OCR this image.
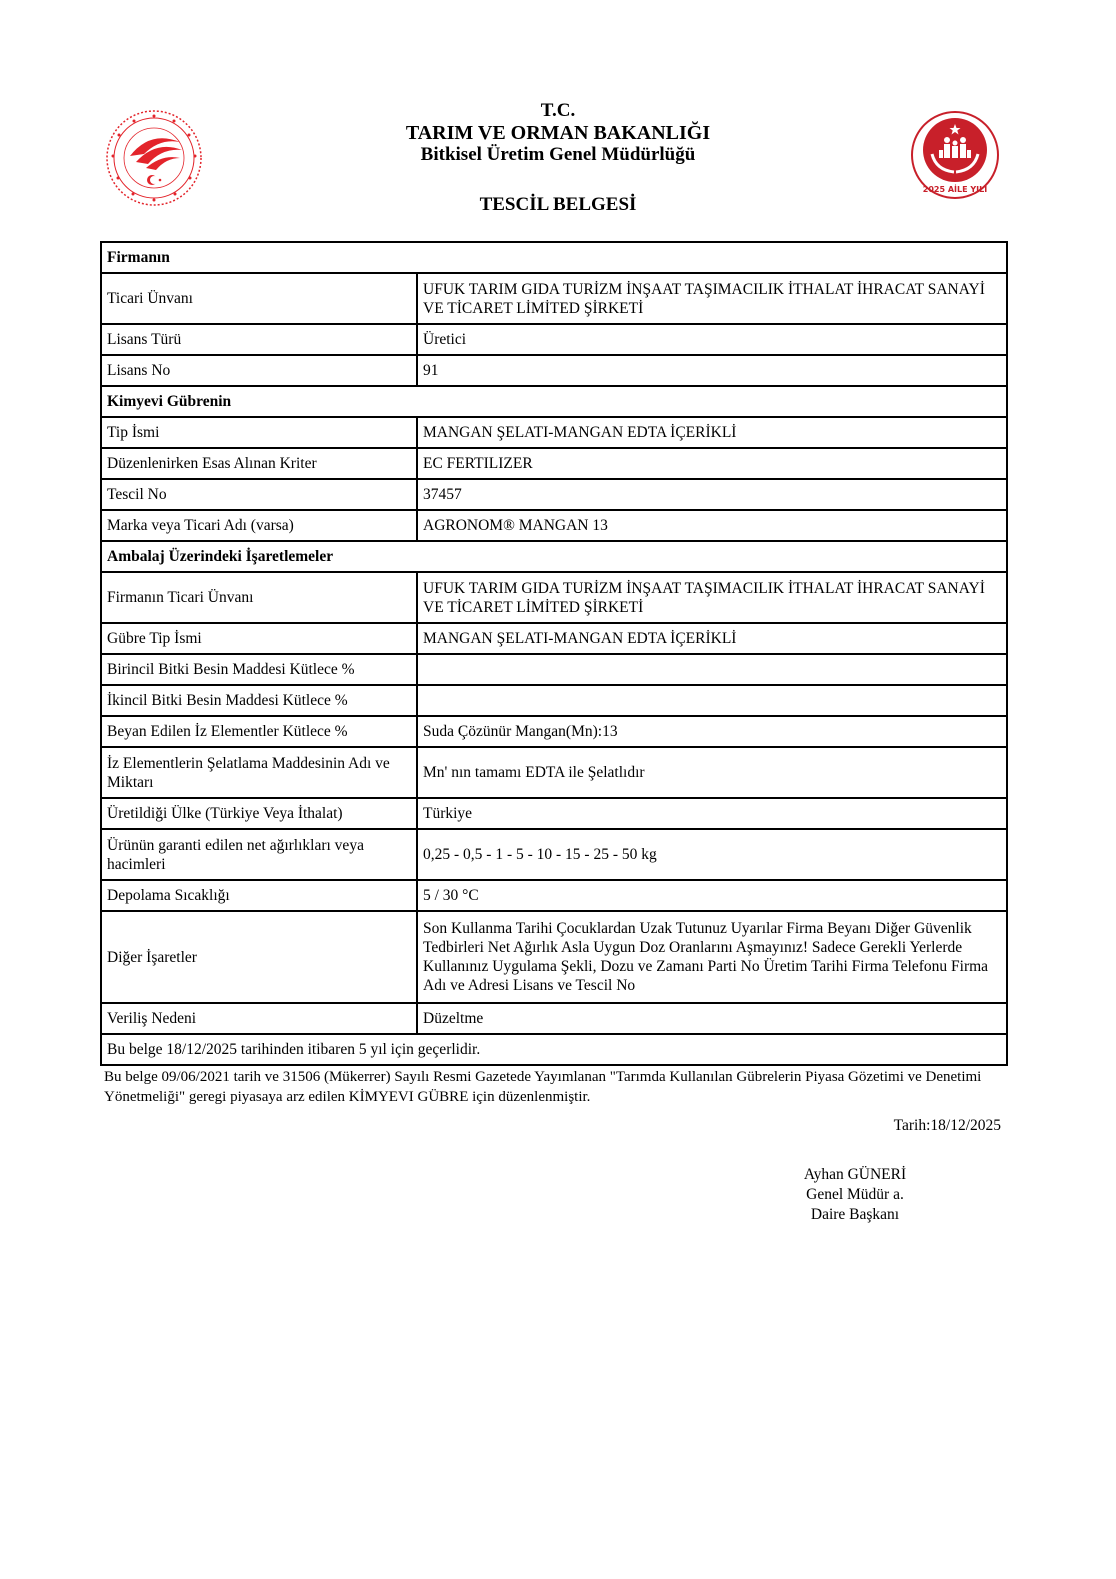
T.C.
TARIM VE ORMAN BAKANLIĞI
Bitkisel Üretim Genel Müdürlüğü
TESCİL BELGESİ
2025 AİLE YILI
Firmanın	
Ticari Ünvanı	UFUK TARIM GIDA TURİZM İNŞAAT TAŞIMACILIK İTHALAT İHRACAT SANAYİ VE TİCARET LİMİTED ŞİRKETİ
Lisans Türü	Üretici
Lisans No	91
Kimyevi Gübrenin	
Tip İsmi	MANGAN ŞELATI-MANGAN EDTA İÇERİKLİ
Düzenlenirken Esas Alınan Kriter	EC FERTILIZER
Tescil No	37457
Marka veya Ticari Adı (varsa)	AGRONOM® MANGAN 13
Ambalaj Üzerindeki İşaretlemeler	
Firmanın Ticari Ünvanı	UFUK TARIM GIDA TURİZM İNŞAAT TAŞIMACILIK İTHALAT İHRACAT SANAYİ VE TİCARET LİMİTED ŞİRKETİ
Gübre Tip İsmi	MANGAN ŞELATI-MANGAN EDTA İÇERİKLİ
Birincil Bitki Besin Maddesi Kütlece %	
İkincil Bitki Besin Maddesi Kütlece %	
Beyan Edilen İz Elementler Kütlece %	Suda Çözünür Mangan(Mn):13
İz Elementlerin Şelatlama Maddesinin Adı ve Miktarı	Mn' nın tamamı EDTA ile Şelatlıdır
Üretildiği Ülke (Türkiye Veya İthalat)	Türkiye
Ürünün garanti edilen net ağırlıkları veya hacimleri	0,25 - 0,5 - 1 - 5 - 10 - 15 - 25 - 50 kg
Depolama Sıcaklığı	5 / 30 °C
Diğer İşaretler	Son Kullanma Tarihi Çocuklardan Uzak Tutunuz Uyarılar Firma Beyanı Diğer Güvenlik Tedbirleri Net Ağırlık Asla Uygun Doz Oranlarını Aşmayınız! Sadece Gerekli Yerlerde Kullanınız Uygulama Şekli, Dozu ve Zamanı Parti No Üretim Tarihi Firma Telefonu Firma Adı ve Adresi Lisans ve Tescil No
Veriliş Nedeni	Düzeltme
Bu belge 18/12/2025 tarihinden itibaren 5 yıl için geçerlidir.	
Bu belge 09/06/2021 tarih ve 31506 (Mükerrer) Sayılı Resmi Gazetede Yayımlanan "Tarımda Kullanılan Gübrelerin Piyasa Gözetimi ve Denetimi Yönetmeliği" geregi piyasaya arz edilen KİMYEVI GÜBRE için düzenlenmiştir.
Tarih:18/12/2025
Ayhan GÜNERİ
Genel Müdür a.
Daire Başkanı
